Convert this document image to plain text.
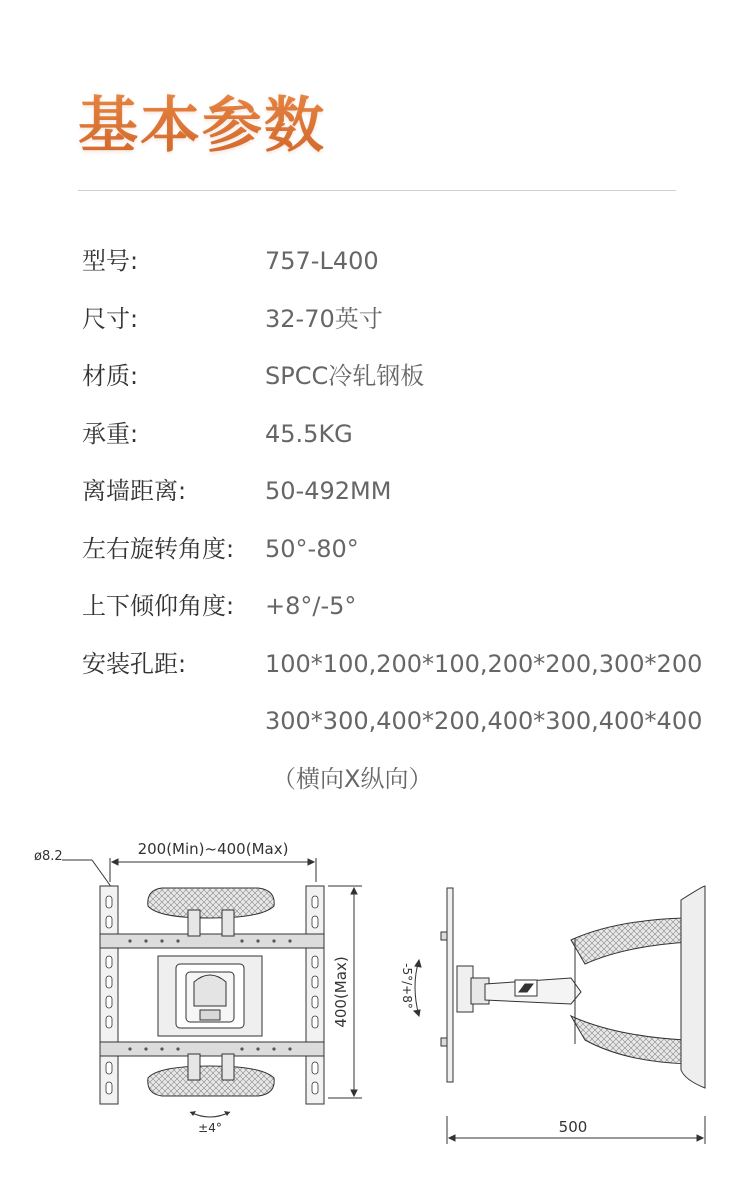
基本参数
型号:	757-L400
尺寸:	32-70英寸
材质:	SPCC冷轧钢板
承重:	45.5KG
离墙距离:	50-492MM
左右旋转角度: 50°-80°
上下倾仰角度: +8°/-5°
安装孔距:	100*100,200*100,200*200,300*200
300*300,400*200,400*300,400*400
（横向X纵向）
ø8.2	200(Min)~400(Max)
400(Max)
±4°
-5°/+8°
500
